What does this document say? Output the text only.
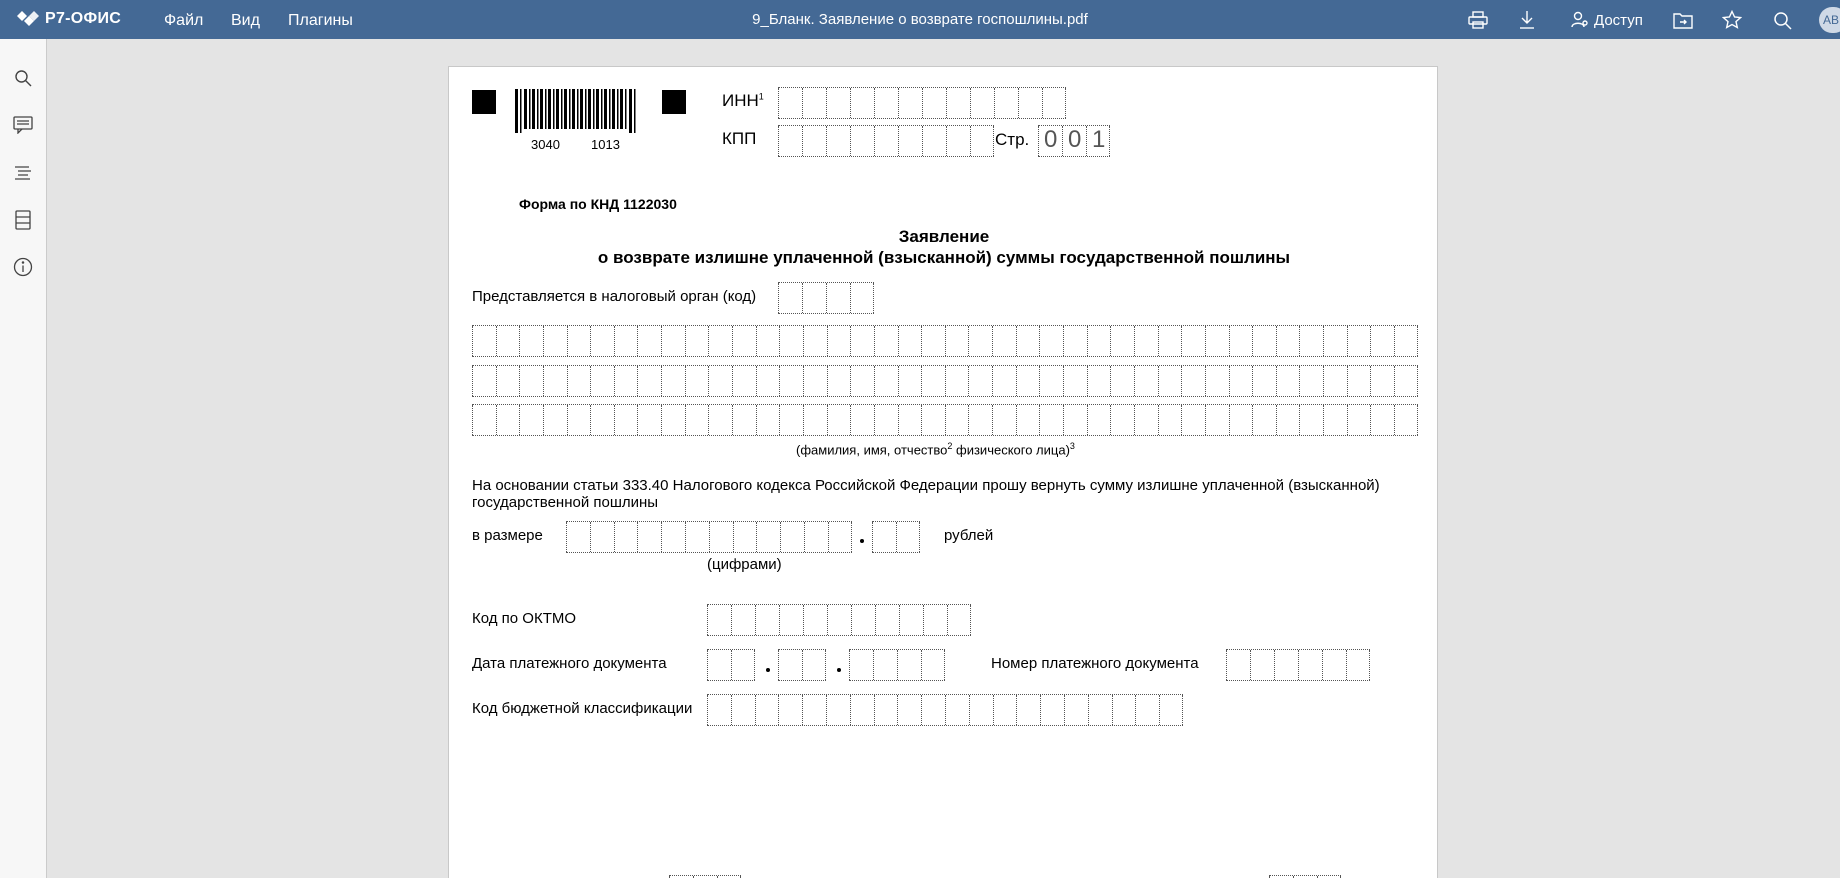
Р7-ОФИС	Файл Вид Плагины	9_Бланк. Заявление о возврате госпошлины.pdf	Доступ	АВ
3040 1013
ИНН$^1$
КПП	Стр. 0 0 1
Форма по КНД 1122030
Заявление
о возврате излишне уплаченной (взысканной) суммы государственной пошлины
Представляется в налоговый орган (код)
(фамилия, имя, отчество$^2$ физического лица)$^3$
На основании статьи 333.40 Налогового кодекса Российской Федерации прошу вернуть сумму излишне уплаченной (взысканной)
государственной пошлины
в размере	рублей
(цифрами)
Код по ОКТМО
Дата платежного документа	Номер платежного документа
Код бюджетной классификации
